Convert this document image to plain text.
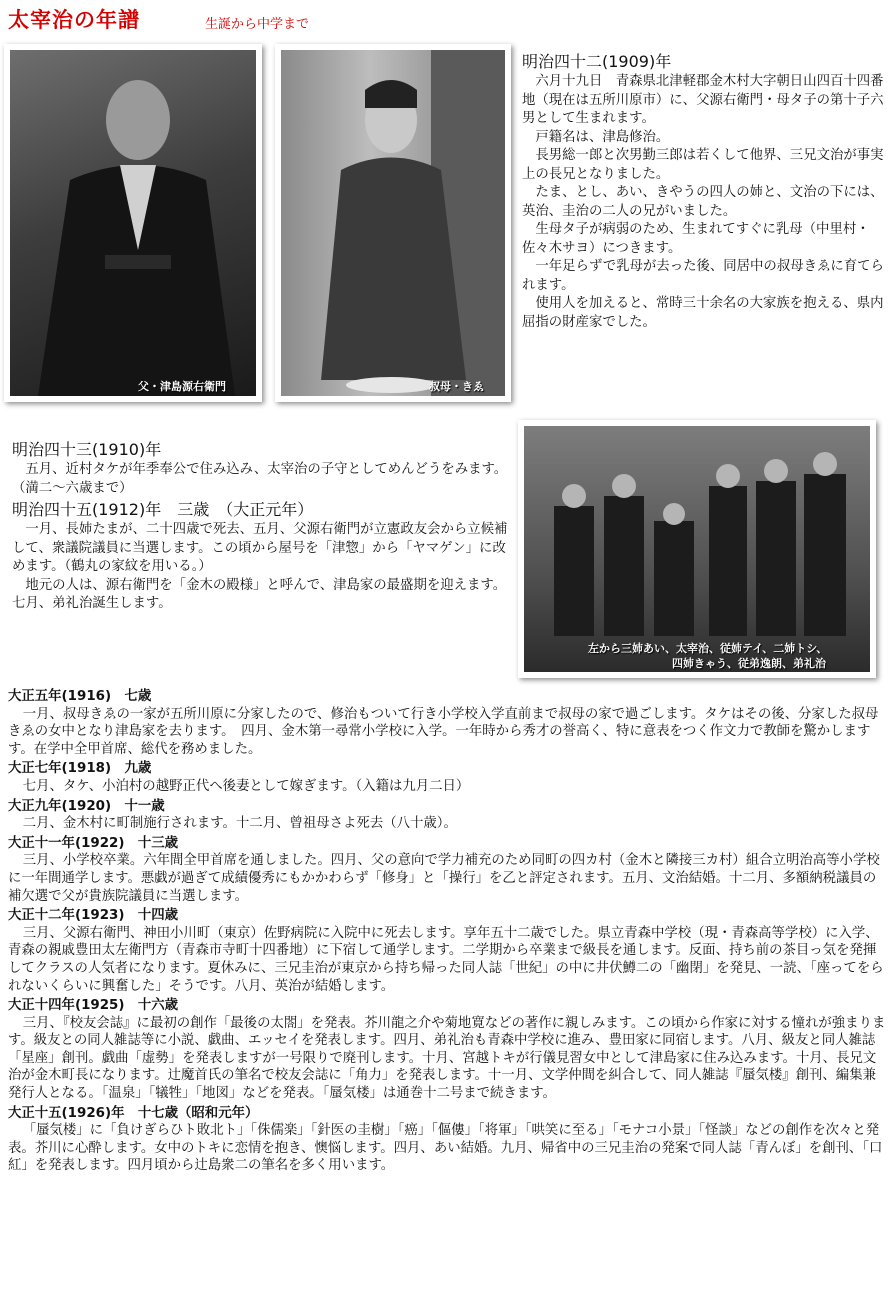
太宰治の年譜	生誕から中学まで
父・津島源右衛門	叔母・きゑ

明治四十二(1909)年

六月十九日　青森県北津軽郡金木村大字朝日山四百十四番地（現在は五所川原市）に、父源右衛門・母タ子の第十子六男として生まれます。

戸籍名は、津島修治。

長男総一郎と次男勤三郎は若くして他界、三兄文治が事実上の長兄となりました。

たま、とし、あい、きやうの四人の姉と、文治の下には、英治、圭治の二人の兄がいました。

生母タ子が病弱のため、生まれてすぐに乳母（中里村・佐々木サヨ）につきます。

一年足らずで乳母が去った後、同居中の叔母きゑに育てられます。

使用人を加えると、常時三十余名の大家族を抱える、県内屈指の財産家でした。

明治四十三(1910)年

五月、近村タケが年季奉公で住み込み、太宰治の子守としてめんどうをみます。（満二～六歳まで）

明治四十五(1912)年　三歳　（大正元年）

一月、長姉たまが、二十四歳で死去、五月、父源右衛門が立憲政友会から立候補して、衆議院議員に当選します。この頃から屋号を「津惣」から「ヤマゲン」に改めます。（鶴丸の家紋を用いる。）

地元の人は、源右衛門を「金木の殿様」と呼んで、津島家の最盛期を迎えます。七月、弟礼治誕生します。

左から三姉あい、太宰治、従姉テイ、二姉トシ、
四姉きゃう、従弟逸朗、弟礼治

大正五年(1916)　七歳

一月、叔母きゑの一家が五所川原に分家したので、修治もついて行き小学校入学直前まで叔母の家で過ごします。タケはその後、分家した叔母きゑの女中となり津島家を去ります。　四月、金木第一尋常小学校に入学。一年時から秀才の誉高く、特に意表をつく作文力で教師を驚かしますす。在学中全甲首席、総代を務めました。

大正七年(1918)　九歳

七月、タケ、小泊村の越野正代へ後妻として嫁ぎます。（入籍は九月二日）

大正九年(1920)　十一歳

二月、金木村に町制施行されます。十二月、曾祖母さよ死去（八十歳）。

大正十一年(1922)　十三歳

三月、小学校卒業。六年間全甲首席を通しました。四月、父の意向で学力補充のため同町の四カ村（金木と隣接三カ村）組合立明治高等小学校に一年間通学します。悪戯が過ぎて成績優秀にもかかわらず「修身」と「操行」を乙と評定されます。五月、文治結婚。十二月、多額納税議員の補欠選で父が貴族院議員に当選します。

大正十二年(1923)　十四歳

三月、父源右衛門、神田小川町（東京）佐野病院に入院中に死去します。享年五十二歳でした。県立青森中学校（現・青森高等学校）に入学、青森の親戚豊田太左衛門方（青森市寺町十四番地）に下宿して通学します。二学期から卒業まで級長を通します。反面、持ち前の茶目っ気を発揮してクラスの人気者になります。夏休みに、三兄圭治が東京から持ち帰った同人誌「世紀」の中に井伏鱒二の「幽閉」を発見、一読、「座ってをられないくらいに興奮した」そうです。八月、英治が結婚します。

大正十四年(1925)　十六歳

三月、『校友会誌』に最初の創作「最後の太閤」を発表。芥川龍之介や菊地寛などの著作に親しみます。この頃から作家に対する憧れが強まります。級友との同人雑誌等に小説、戯曲、エッセイを発表します。四月、弟礼治も青森中学校に進み、豊田家に同宿します。八月、級友と同人雑誌「星座」創刊。戯曲「虚勢」を発表しますが一号限りで廃刊します。十月、宮越トキが行儀見習女中として津島家に住み込みます。十月、長兄文治が金木町長になります。辻魔首氏の筆名で校友会誌に「角力」を発表します。十一月、文学仲間を糾合して、同人雑誌『蜃気楼』創刊、編集兼発行人となる。「温泉」「犠牲」「地図」などを発表。「蜃気楼」は通巻十二号まで続きます。

大正十五(1926)年　十七歳（昭和元年）

「蜃気楼」に「負けぎらひト敗北ト」「侏儒楽」「針医の圭樹」「癌」「傴僂」「将軍」「哄笑に至る」「モナコ小景」「怪談」などの創作を次々と発表。芥川に心酔します。女中のトキに恋情を抱き、懊悩します。四月、あい結婚。九月、帰省中の三兄圭治の発案で同人誌「青んぼ」を創刊、「口紅」を発表します。四月頃から辻島衆二の筆名を多く用います。
